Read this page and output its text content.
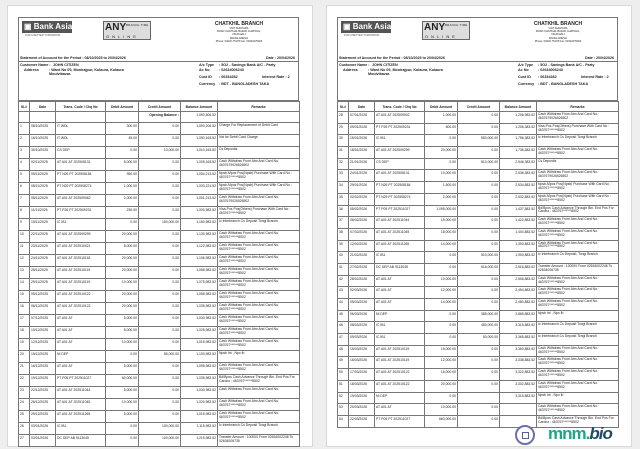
▣ Bank Asia
FOR A BETTER TOMORROW
ANY BRANCH TIME
ONLINE

CHATKHIL BRANCH

VIAT KHILPARA
ROAD CHATKHIL BAZAR CHATKHIL,
NOAKHALI
BANGLADESH
Phone: 03222-75178 Fax: 03322275024
Statement of Account for the Period : 08/10/2025 to 20/04/2026	Date : 20/04/2026
Customer Name : JOHN CITIZEN
Address	: Ward No 09, Monirajpur, Kulaura, Kulaura Moulvibazar.
A/c Type : 5O2 - Savings Bank A/C - Party
Ac No	: 02634006243
Cust ID : 06334282	Interest Rate : 2
Currency : BDT - BANGLADESH TAKA
SL#	Date	Trans. Code / Chq No	Debit Amount	Credit Amount	Balance Amount	Remarks
				Opening Balance :	1,090,506.52	
1	08/10/2025	IT WDL	300.00	0.00	1,090,206.52	Charge For Replacement of Debit Card
2	16/10/2025	IT WDL	45.00	0.00	1,090,163.52	Vat for Debit Card Charge
3	30/10/2025	CS DEP	0.00	10,000.00	1,010,163.52	Cs Deposits
4	02/11/2025	AT A01 AT 202508131	5,000.00	0.00	1,005,163.52	Cash Withdraw From Atm And Card No. 4637679026526502
5	05/11/2025	PT N26 PT 202508184	950.00	0.00	1,004,213.52	Npsb-Mpos Pos(Npsb) Purchase With Card No : 463767******8502
6	08/11/2025	PT N29 PT 202508274	1,000.00	0.00	1,003,221.52	Npsb-Mpos Pos(Npsb) Purchase With Card No : 463767******8502
7	08/11/2025	AT A01 AT 202509062	2,000.00	0.00	1,001,213.52	Cash Withdraw From Atm And Card No. 4637679026526502
8	11/11/2025	PT P26 PT 202509231	230.00	0.00	1,000,983.52	Visa-Pos Pos(Others) Purchase With Card No : 463767******8502
9	15/11/2025	IC IB1	0.00	150,000.00	1,150,983.52	Ic Interbranch Cs Deposit Tongi Branch
10	22/11/2025	AT A01 AT 202509299	20,000.00	0.00	1,130,983.52	Cash Withdraw From Atm And Card No. 463767******8502
11	23/11/2025	AT A01 AT 202510021	8,000.00	0.00	1,122,983.52	Cash Withdraw From Atm And Card No. 463767******8502
12	24/11/2025	AT A01 AT 202510118	20,000.00	0.00	1,106,983.52	Cash Withdraw From Atm And Card No. 463767******8502
13	28/11/2025	AT A01 AT 202510119	20,000.00	0.00	1,085,983.52	Cash Withdraw From Atm And Card No. 463767******8502
14	29/11/2025	AT A01 AT 202510119	10,000.00	0.00	1,075,983.52	Cash Withdraw From Atm And Card No. 463767******8502
15	05/12/2025	AT A01 AT 202510122	20,000.00	0.00	1,055,983.52	Cash Withdraw From Atm And Card No. 463767******8502
16	06/12/2025	AT A01 AT 202510122	20,000.00	0.00	1,035,983.52	Cash Withdraw From Atm And Card No. 463767******8502
17	07/12/2025	AT A01 AT	5,000.00	0.00	1,030,983.52	Cash Withdraw From Atm And Card No. 463767******8502
18	10/12/2025	AT A01 AT	5,000.00	0.00	1,025,983.52	Cash Withdraw From Atm And Card No. 463767******8502
19	12/12/2025	AT A01 AT	10,000.00	0.00	1,015,983.52	Cash Withdraw From Atm And Card No. 463767******8502
20	15/12/2025	NI DEP	0.00	85,000.00	1,100,983.52	Npsb Int , Npo Ib
21	16/12/2025	AT A01 AT	5,000.00	0.00	1,095,983.52	Cash Withdraw From Atm And Card No. 463767******8502
22	19/12/2025	PT P05 PT 202511027	60,000.00	0.00	1,035,983.52	Bd/Bpos Cash Advance Through Bin. End Pos For Cardno : 463767******8502
23	22/12/2025	AT A01 AT 202511044	5,000.00	0.00	1,030,983.52	Cash Withdraw From Atm And Card No.
24	26/12/2025	AT A01 AT 202511045	10,000.00	0.00	1,020,983.52	Cash Withdraw From Atm And Card No. 463767******8502
25	29/12/2025	AT A01 AT 202511265	5,000.00	0.00	1,015,983.52	Cash Withdraw From Atm And Card No. 463767******8502
26	03/01/2026	IC IB1	0.00	100,000.00	1,115,983.52	Ic Interbranch Cs Deposit Tongi Branch
27	03/01/2026	DC DEP AB 9113045	0.00	100,000.00	1,215,983.52	Transfer Amount : 100000 From 02634002246 To 02634006735
▣ Bank Asia
FOR A BETTER TOMORROW
ANY BRANCH TIME
ONLINE

CHATKHIL BRANCH

VIAT KHILPARA
ROAD CHATKHIL BAZAR CHATKHIL,
NOAKHALI
BANGLADESH
Phone: 03222-75178 Fax: 03322275024
Statement of Account for the Period : 08/10/2025 to 20/04/2026	Date : 20/04/2026
Customer Name : JOHN CITIZEN
Address	: Ward No 09, Monirajpur, Kulaura, Kulaura Moulvibazar.
A/c Type : 5O2 - Savings Bank A/C - Party
Ac No	: 02634006243
Cust ID : 06334282	Interest Rate : 2
Currency : BDT - BANGLADESH TAKA
SL#	Date	Trans. Code / Chq No	Debit Amount	Credit Amount	Balance Amount	Remarks
28	07/01/2026	AT A01 AT 202509002	1,000.00	0.00	1,206,983.52	Cash Withdraw From Atm And Card No. 4637679026526502
29	09/01/2026	PT P26 PT 202509231	600.00	0.00	1,206,383.52	Visa-Pos Pos(Others) Purchase With Card No : 463767******8502
30	15/01/2026	IC IB1	0.00	550,000.00	1,756,383.52	Ic Interbranch Cs Deposit Tongi Branch
31	18/01/2026	AT A01 AT 202509299	20,000.00	0.00	1,736,383.52	Cash Withdraw From Atm And Card No. 463767******8502
32	21/01/2026	CS DEP	0.00	810,000.00	2,546,383.52	Cs Deposits
33	24/01/2026	AT A01 AT 202508131	10,000.00	0.00	2,536,383.52	Cash Withdraw From Atm And Card No. 4637679026526502
34	29/01/2026	PT N26 PT 202508184	1,500.00	0.00	2,534,883.52	Npsb-Mpos Pos(Npsb) Purchase With Card No : 463767******8502
35	02/02/2026	PT N29 PT 202508274	2,000.00	0.00	2,532,883.52	Npsb-Mpos Pos(Npsb) Purchase With Card No : 463767******8502
36	05/02/2026	PT P05 PT 202511027	1,095,000.00	0.00	1,437,883.52	Bd/Bpos Cash Advance Through Bin. End Pos For Cardno : 463767******8502
37	06/02/2026	AT A01 AT 202511044	15,000.00	0.00	1,422,883.52	Cash Withdraw From Atm And Card No. 463767******8502
38	07/02/2026	AT A01 AT 202511045	18,000.00	0.00	1,404,883.52	Cash Withdraw From Atm And Card No. 463767******8502
39	12/02/2026	AT A01 AT 202511265	14,000.00	0.00	1,390,883.52	Cash Withdraw From Atm And Card No. 463767******8502
40	21/02/2026	IC IB1	0.00	510,000.00	1,900,883.52	Ic Interbranch Cs Deposit, Tongi Branch
41	27/02/2026	DC DEP AB 9113045	0.00	616,000.00	2,516,883.52	Transfer Amount : 120000 From 02634002246 To 02634006735
42	28/02/2026	AT A01 AT	10,000.00	0.00	2,506,883.52	Cash Withdraw From Atm And Card No. 463767******8502
43	02/03/2026	AT A01 AT	12,000.00	0.00	2,494,883.52	Cash Withdraw From Atm And Card No. 463767******8502
44	05/03/2026	AT A01 AT	14,000.00	0.00	2,480,883.52	Cash Withdraw From Atm And Card No. 463767******8502
45	06/03/2026	NI DEP	0.00	385,000.00	2,865,883.52	Npsb Int , Npo Ib
46	08/03/2026	IC IB1	0.00	450,000.00	3,315,883.52	Ic Interbranch Cs Deposit Tongi Branch
47	09/03/2026	IC IB1	0.00	50,000.00	3,365,883.52	Ic Interbranch Cs Deposit Tongi Branch
48	15/03/2026	AT A01 AT 202510119	15,000.00	0.00	3,350,883.52	Cash Withdraw From Atm And Card No. 463767******8502
49	16/03/2026	AT A01 AT 202510119	12,000.00	0.00	3,338,883.52	Cash Withdraw From Atm And Card No. 463767******8502
50	17/03/2026	AT A01 AT 202510122	16,000.00	0.00	3,322,883.52	Cash Withdraw From Atm And Card No. 463767******8502
51	18/03/2026	AT A01 AT 202510122	20,000.00	0.00	3,302,883.52	Cash Withdraw From Atm And Card No. 463767******8502
52	19/03/2026	NI DEP	0.00		3,315,883.52	Npsb Int , Npo Ib
53	20/03/2026	AT A01 AT	10,000.00	0.00		Cash Withdraw From Atm And Card No. 463767******8502
54	22/03/2026	PT P05 PT 202511027	660,000.00	0.00		Bd/Bpos Cash Advance Through Bin. End Pos For Cardno : 463767******8502
mnm.bio
